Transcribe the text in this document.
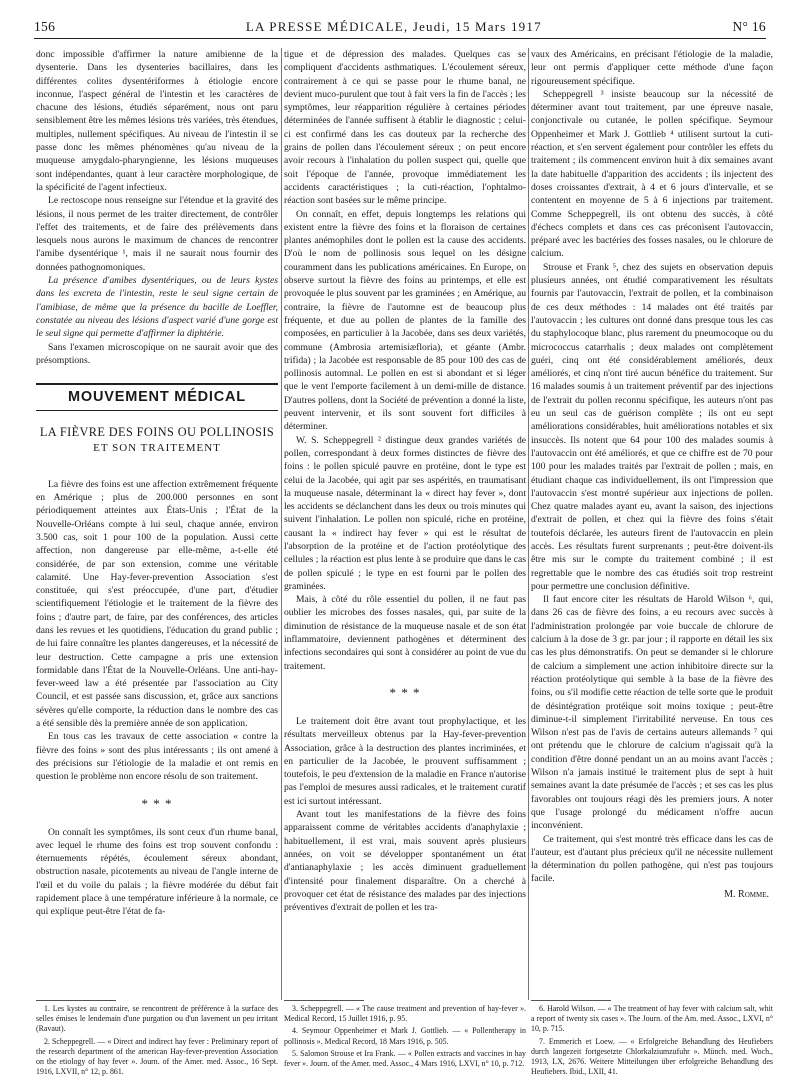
156	LA PRESSE MÉDICALE, Jeudi, 15 Mars 1917	N° 16

donc impossible d'affirmer la nature amibienne de la dysenterie. Dans les dysenteries bacillaires, dans les différentes colites dysentériformes à étiologie encore inconnue, l'aspect général de l'intestin et les caractères de chacune des lésions, étudiés séparément, nous ont paru sensiblement être les mêmes lésions très variées, très étendues, multiples, nullement spécifiques. Au niveau de l'intestin il se passe donc les mêmes phénomènes qu'au niveau de la muqueuse amygdalo-pharyngienne, les lésions muqueuses sont indépendantes, quant à leur caractère morphologique, de la spécificité de l'agent infectieux.

Le rectoscope nous renseigne sur l'étendue et la gravité des lésions, il nous permet de les traiter directement, de contrôler l'effet des traitements, et de faire des prélèvements dans lesquels nous aurons le maximum de chances de rencontrer l'amibe dysentérique ¹, mais il ne saurait nous fournir des données pathognomoniques.

La présence d'amibes dysentériques, ou de leurs kystes dans les excreta de l'intestin, reste le seul signe certain de l'amibiase, de même que la présence du bacille de Loeffler, constatée au niveau des lésions d'aspect varié d'une gorge est le seul signe qui permette d'affirmer la diphtérie.

Sans l'examen microscopique on ne saurait avoir que des présomptions.

MOUVEMENT MÉDICAL
LA FIÈVRE DES FOINS OU POLLINOSIS
ET SON TRAITEMENT

La fièvre des foins est une affection extrêmement fréquente en Amérique ; plus de 200.000 personnes en sont périodiquement atteintes aux États-Unis ; l'État de la Nouvelle-Orléans compte à lui seul, chaque année, environ 3.500 cas, soit 1 pour 100 de la population. Aussi cette affection, non dangereuse par elle-même, a-t-elle été considérée, de par son extension, comme une véritable calamité. Une Hay-fever-prevention Association s'est constituée, qui s'est préoccupée, d'une part, d'étudier scientifiquement l'étiologie et le traitement de la fièvre des foins ; d'autre part, de faire, par des conférences, des articles dans les revues et les quotidiens, l'éducation du grand public ; de lui faire connaître les plantes dangereuses, et la nécessité de leur destruction. Cette campagne a pris une extension formidable dans l'État de la Nouvelle-Orléans. Une anti-hay-fever-weed law a été présentée par l'association au City Council, et est passée sans discussion, et, grâce aux sanctions sévères qu'elle comporte, la réduction dans le nombre des cas a été sensible dès la première année de son application.

En tous cas les travaux de cette association « contre la fièvre des foins » sont des plus intéressants ; ils ont amené à des précisions sur l'étiologie de la maladie et ont remis en question le problème non encore résolu de son traitement.

* * *

On connaît les symptômes, ils sont ceux d'un rhume banal, avec lequel le rhume des foins est trop souvent confondu : éternuements répétés, écoulement séreux abondant, obstruction nasale, picotements au niveau de l'angle interne de l'œil et du voile du palais ; la fièvre modérée du début fait rapidement place à une température inférieure à la normale, ce qui explique peut-être l'état de fa-

tigue et de dépression des malades. Quelques cas se compliquent d'accidents asthmatiques. L'écoulement séreux, contrairement à ce qui se passe pour le rhume banal, ne devient muco-purulent que tout à fait vers la fin de l'accès ; les symptômes, leur réapparition régulière à certaines périodes déterminées de l'année suffisent à établir le diagnostic ; celui-ci est confirmé dans les cas douteux par la recherche des grains de pollen dans l'écoulement séreux ; on peut encore avoir recours à l'inhalation du pollen suspect qui, quelle que soit l'époque de l'année, provoque immédiatement les accidents caractéristiques ; la cuti-réaction, l'ophtalmo-réaction sont basées sur le même principe.

On connaît, en effet, depuis longtemps les relations qui existent entre la fièvre des foins et la floraison de certaines plantes anémophiles dont le pollen est la cause des accidents. D'où le nom de pollinosis sous lequel on les désigne couramment dans les publications américaines. En Europe, on observe surtout la fièvre des foins au printemps, et elle est provoquée le plus souvent par les graminées ; en Amérique, au contraire, la fièvre de l'automne est de beaucoup plus fréquente, et due au pollen de plantes de la famille des composées, en particulier à la Jacobée, dans ses deux variétés, commune (Ambrosia artemisiæfloria), et géante (Ambr. trifida) ; la Jacobée est responsable de 85 pour 100 des cas de pollinosis automnal. Le pollen en est si abondant et si léger que le vent l'emporte facilement à un demi-mille de distance. D'autres pollens, dont la Société de prévention a donné la liste, peuvent intervenir, et ils sont souvent fort difficiles à déterminer.

W. S. Scheppegrell ² distingue deux grandes variétés de pollen, correspondant à deux formes distinctes de fièvre des foins : le pollen spiculé pauvre en protéine, dont le type est celui de la Jacobée, qui agit par ses aspérités, en traumatisant la muqueuse nasale, déterminant la « direct hay fever », dont les accidents se déclanchent dans les deux ou trois minutes qui suivent l'inhalation. Le pollen non spiculé, riche en protéine, causant la « indirect hay fever » qui est le résultat de l'absorption de la protéine et de l'action protéolytique des cellules ; la réaction est plus lente à se produire que dans le cas de pollen spiculé ; le type en est fourni par le pollen des graminées.

Mais, à côté du rôle essentiel du pollen, il ne faut pas oublier les microbes des fosses nasales, qui, par suite de la diminution de résistance de la muqueuse nasale et de son état inflammatoire, deviennent pathogènes et déterminent des infections secondaires qui sont à considérer au point de vue du traitement.

* * *

Le traitement doit être avant tout prophylactique, et les résultats merveilleux obtenus par la Hay-fever-prevention Association, grâce à la destruction des plantes incriminées, et en particulier de la Jacobée, le prouvent suffisamment ; toutefois, le peu d'extension de la maladie en France n'autorise pas l'emploi de mesures aussi radicales, et le traitement curatif est ici surtout intéressant.

Avant tout les manifestations de la fièvre des foins apparaissent comme de véritables accidents d'anaphylaxie ; habituellement, il est vrai, mais souvent après plusieurs années, on voit se développer spontanément un état d'antianaphylaxie ; les accès diminuent graduellement d'intensité pour finalement disparaître. On a cherché à provoquer cet état de résistance des malades par des injections préventives d'extrait de pollen et les tra-

vaux des Américains, en précisant l'étiologie de la maladie, leur ont permis d'appliquer cette méthode d'une façon rigoureusement spécifique.

Scheppegrell ³ insiste beaucoup sur la nécessité de déterminer avant tout traitement, par une épreuve nasale, conjonctivale ou cutanée, le pollen spécifique. Seymour Oppenheimer et Mark J. Gottlieb ⁴ utilisent surtout la cuti-réaction, et s'en servent également pour contrôler les effets du traitement ; ils commencent environ huit à dix semaines avant la date habituelle d'apparition des accidents ; ils injectent des doses croissantes d'extrait, à 4 et 6 jours d'intervalle, et se contentent en moyenne de 5 à 6 injections par traitement. Comme Scheppegrell, ils ont obtenu des succès, à côté d'échecs complets et dans ces cas préconisent l'autovaccin, préparé avec les bactéries des fosses nasales, ou le chlorure de calcium.

Strouse et Frank ⁵, chez des sujets en observation depuis plusieurs années, ont étudié comparativement les résultats fournis par l'autovaccin, l'extrait de pollen, et la combinaison de ces deux méthodes : 14 malades ont été traités par l'autovaccin ; les cultures ont donné dans presque tous les cas du staphylocoque blanc, plus rarement du pneumocoque ou du micrococcus catarrhalis ; deux malades ont complètement guéri, cinq ont été considérablement améliorés, deux améliorés, et cinq n'ont tiré aucun bénéfice du traitement. Sur 16 malades soumis à un traitement préventif par des injections de l'extrait du pollen reconnu spécifique, les auteurs n'ont pas eu un seul cas de guérison complète ; ils ont eu sept améliorations considérables, huit améliorations notables et six insuccès. Ils notent que 64 pour 100 des malades soumis à l'autovaccin ont été améliorés, et que ce chiffre est de 70 pour 100 pour les malades traités par l'extrait de pollen ; mais, en étudiant chaque cas individuellement, ils ont l'impression que l'autovaccin s'est montré supérieur aux injections de pollen. Chez quatre malades ayant eu, avant la saison, des injections d'extrait de pollen, et chez qui la fièvre des foins s'était toutefois déclarée, les auteurs firent de l'autovaccin en plein accès. Les résultats furent surprenants ; peut-être doivent-ils être mis sur le compte du traitement combiné ; il est regrettable que le nombre des cas étudiés soit trop restreint pour permettre une conclusion définitive.

Il faut encore citer les résultats de Harold Wilson ⁶, qui, dans 26 cas de fièvre des foins, a eu recours avec succès à l'administration prolongée par voie buccale de chlorure de calcium à la dose de 3 gr. par jour ; il rapporte en détail les six cas les plus démonstratifs. On peut se demander si le chlorure de calcium a simplement une action inhibitoire directe sur la réaction protéolytique qui semble à la base de la fièvre des foins, ou s'il modifie cette réaction de telle sorte que le produit de désintégration protéique soit moins toxique ; peut-être diminue-t-il simplement l'irritabilité nerveuse. En tous ces Wilson n'est pas de l'avis de certains auteurs allemands ⁷ qui ont prétendu que le chlorure de calcium n'agissait qu'à la condition d'être donné pendant un an au moins avant l'accès ; Wilson n'a jamais institué le traitement plus de sept à huit semaines avant la date présumée de l'accès ; et ses cas les plus favorables ont toujours réagi dès les premiers jours. A noter que l'usage prolongé du médicament n'offre aucun inconvénient.

Ce traitement, qui s'est montré très efficace dans les cas de l'auteur, est d'autant plus précieux qu'il ne nécessite nullement la détermination du pollen pathogène, qui n'est pas toujours facile.

M. Romme.

1. Les kystes au contraire, se rencontrent de préférence à la surface des selles émises le lendemain d'une purgation ou d'un lavement un peu irritant (Ravaut).

2. Scheppegrell. — « Direct and indirect hay fever : Preliminary report of the research department of the american Hay-fever-prevention Association on the etiology of hay fever ». Journ. of the Amer. med. Assoc., 16 Sept. 1916, LXVII, n° 12, p. 861.

3. Scheppegrell. — « The cause treatment and prevention of hay-fever ». Medical Record, 15 Juillet 1916, p. 95.

4. Seymour Oppenheimer et Mark J. Gottlieb. — « Pollentherapy in pollinosis ». Medical Record, 18 Mars 1916, p. 505.

5. Salomon Strouse et Ira Frank. — « Pollen extracts and vaccines in hay fever ». Journ. of the Amer. med. Assoc., 4 Mars 1916, LXVI, n° 10, p. 712.

6. Harold Wilson. — « The treatment of hay fever with calcium salt, whit a report of twenty six cases ». The Journ. of the Am. med. Assoc., LXVI, n° 10, p. 715.

7. Emmerich et Loew. — « Erfolgreiche Behandlung des Heufiebers durch langezeit fortgesetzte Chlorkalziumzufuhr ». Münch. med. Woch., 1913, LX, 2676. Weitere Mitteilungen über erfolgreiche Behandlung des Heufiebers. Ibid., LXII, 41.
